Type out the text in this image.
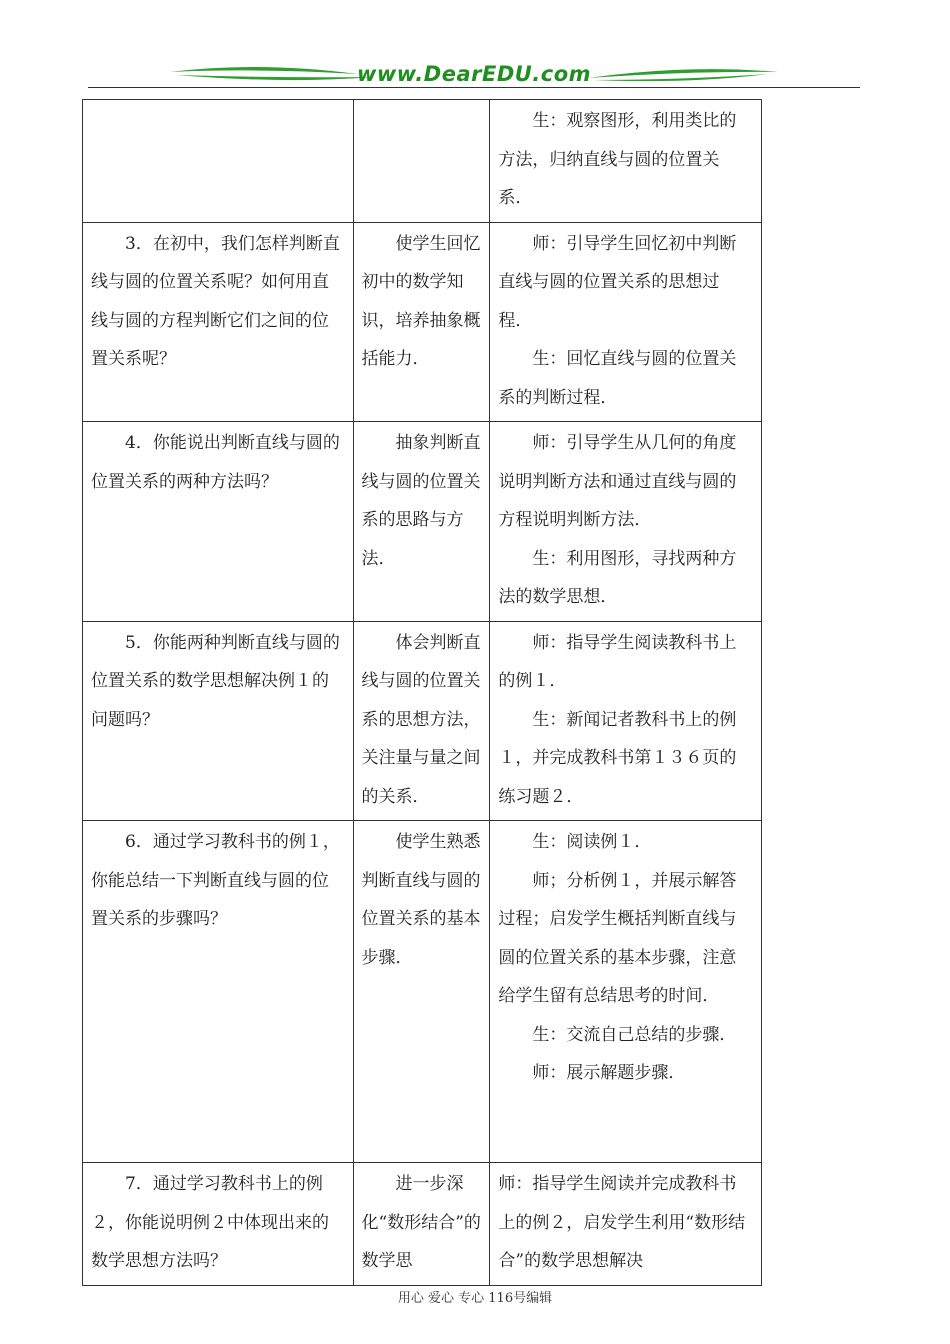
www.DearEDU.com

		生：观察图形，利用类比的方法，归纳直线与圆的位置关系．

3．在初中，我们怎样判断直线与圆的位置关系呢？如何用直线与圆的方程判断它们之间的位置关系呢？	使学生回忆初中的数学知识，培养抽象概括能力．	师：引导学生回忆初中判断直线与圆的位置关系的思想过程．

生：回忆直线与圆的位置关系的判断过程．

4．你能说出判断直线与圆的位置关系的两种方法吗？	抽象判断直线与圆的位置关系的思路与方法．	师：引导学生从几何的角度说明判断方法和通过直线与圆的方程说明判断方法．

生：利用图形，寻找两种方法的数学思想．

5．你能两种判断直线与圆的位置关系的数学思想解决例１的问题吗？	体会判断直线与圆的位置关系的思想方法，关注量与量之间的关系．	师：指导学生阅读教科书上的例１．

生：新闻记者教科书上的例１，并完成教科书第１３６页的练习题２．

6．通过学习教科书的例１，你能总结一下判断直线与圆的位置关系的步骤吗？	使学生熟悉判断直线与圆的位置关系的基本步骤．	生：阅读例１．

师；分析例１，并展示解答过程；启发学生概括判断直线与圆的位置关系的基本步骤，注意给学生留有总结思考的时间．

生：交流自己总结的步骤．

师：展示解题步骤．

7．通过学习教科书上的例２，你能说明例２中体现出来的数学思想方法吗？	进一步深化“数形结合”的数学思	师：指导学生阅读并完成教科书上的例２，启发学生利用“数形结合”的数学思想解决

用心 爱心 专心 116号编辑
